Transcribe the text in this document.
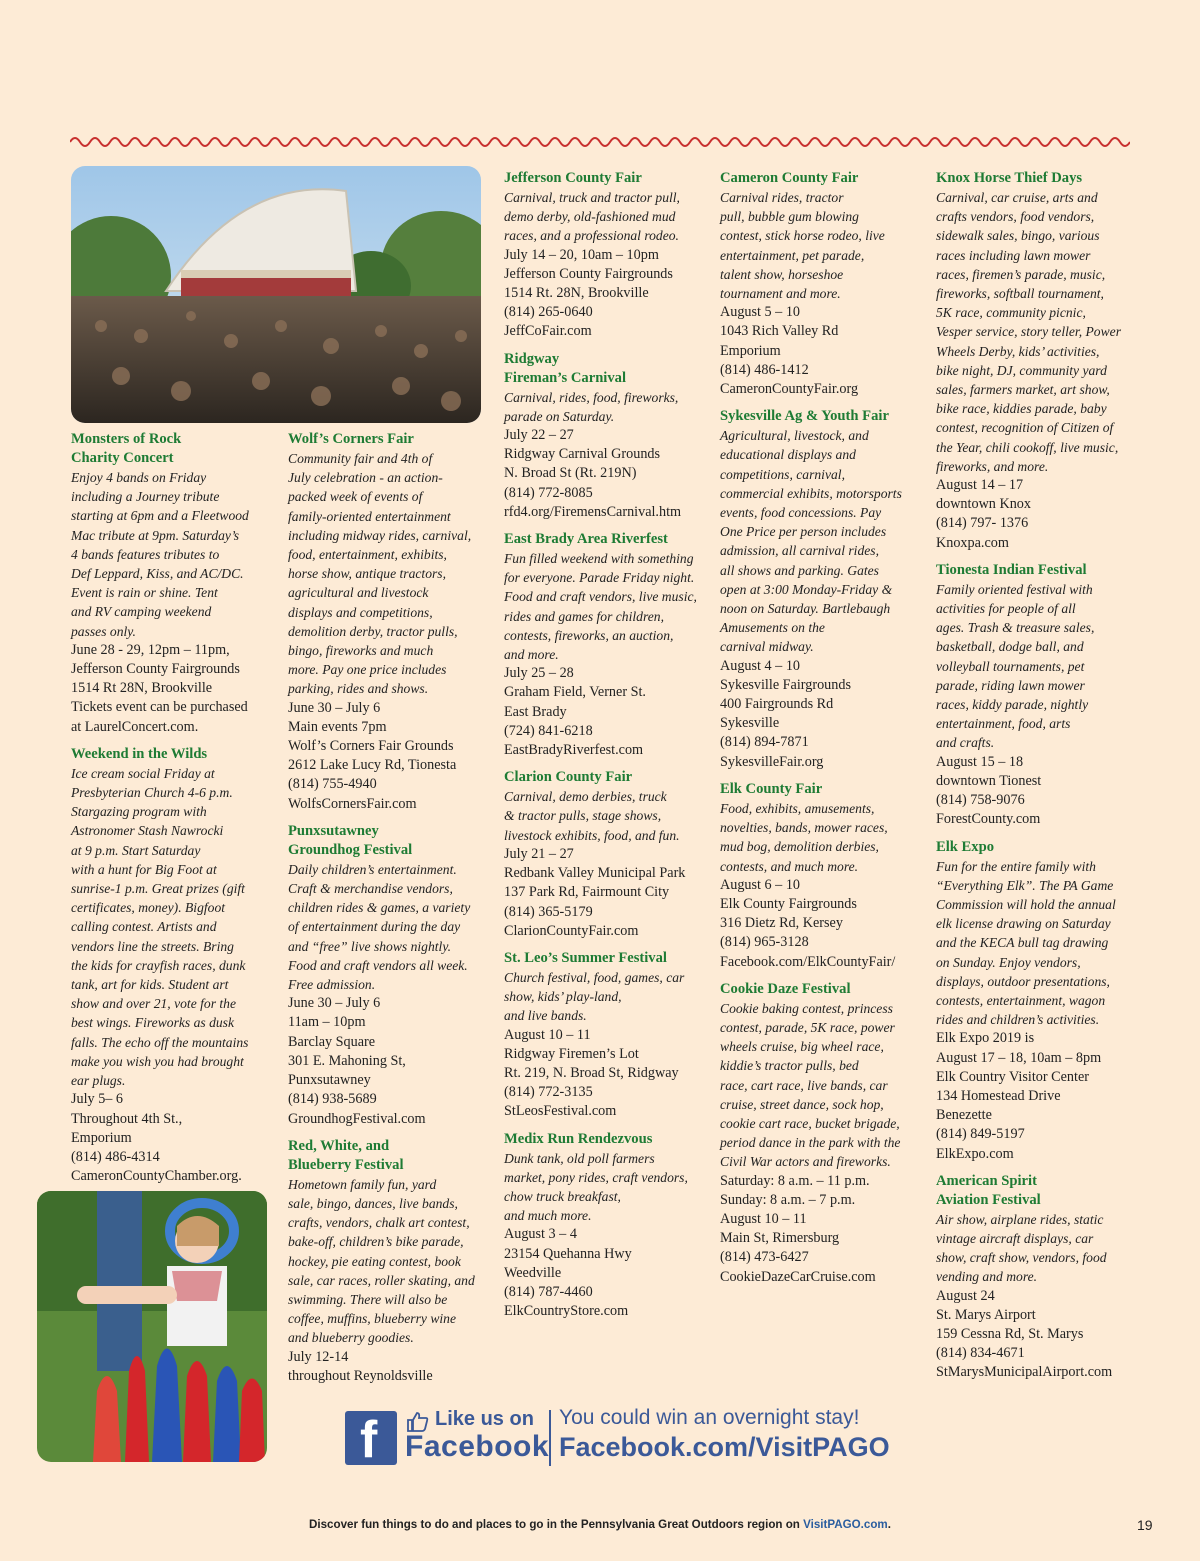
Monsters of Rock
Charity Concert
Enjoy 4 bands on Friday
including a Journey tribute
starting at 6pm and a Fleetwood
Mac tribute at 9pm. Saturday’s
4 bands features tributes to
Def Leppard, Kiss, and AC/DC.
Event is rain or shine. Tent
and RV camping weekend
passes only.
June 28 - 29, 12pm – 11pm,
Jefferson County Fairgrounds
1514 Rt 28N, Brookville
Tickets event can be purchased
at LaurelConcert.com.
Weekend in the Wilds
Ice cream social Friday at
Presbyterian Church 4-6 p.m.
Stargazing program with
Astronomer Stash Nawrocki
at 9 p.m. Start Saturday
with a hunt for Big Foot at
sunrise-1 p.m. Great prizes (gift
certificates, money). Bigfoot
calling contest. Artists and
vendors line the streets. Bring
the kids for crayfish races, dunk
tank, art for kids. Student art
show and over 21, vote for the
best wings. Fireworks as dusk
falls. The echo off the mountains
make you wish you had brought
ear plugs.
July 5– 6
Throughout 4th St.,
Emporium
(814) 486-4314
CameronCountyChamber.org.
Wolf’s Corners Fair
Community fair and 4th of
July celebration - an action-
packed week of events of
family-oriented entertainment
including midway rides, carnival,
food, entertainment, exhibits,
horse show, antique tractors,
agricultural and livestock
displays and competitions,
demolition derby, tractor pulls,
bingo, fireworks and much
more. Pay one price includes
parking, rides and shows.
June 30 – July 6
Main events 7pm
Wolf’s Corners Fair Grounds
2612 Lake Lucy Rd, Tionesta
(814) 755-4940
WolfsCornersFair.com
Punxsutawney
Groundhog Festival
Daily children’s entertainment.
Craft & merchandise vendors,
children rides & games, a variety
of entertainment during the day
and “free” live shows nightly.
Food and craft vendors all week.
Free admission.
June 30 – July 6
11am – 10pm
Barclay Square
301 E. Mahoning St,
Punxsutawney
(814) 938-5689
GroundhogFestival.com
Red, White, and
Blueberry Festival
Hometown family fun, yard
sale, bingo, dances, live bands,
crafts, vendors, chalk art contest,
bake-off, children’s bike parade,
hockey, pie eating contest, book
sale, car races, roller skating, and
swimming. There will also be
coffee, muffins, blueberry wine
and blueberry goodies.
July 12-14
throughout Reynoldsville
Jefferson County Fair
Carnival, truck and tractor pull,
demo derby, old-fashioned mud
races, and a professional rodeo.
July 14 – 20, 10am – 10pm
Jefferson County Fairgrounds
1514 Rt. 28N, Brookville
(814) 265-0640
JeffCoFair.com
Ridgway
Fireman’s Carnival
Carnival, rides, food, fireworks,
parade on Saturday.
July 22 – 27
Ridgway Carnival Grounds
N. Broad St (Rt. 219N)
(814) 772-8085
rfd4.org/FiremensCarnival.htm
East Brady Area Riverfest
Fun filled weekend with something
for everyone. Parade Friday night.
Food and craft vendors, live music,
rides and games for children,
contests, fireworks, an auction,
and more.
July 25 – 28
Graham Field, Verner St.
East Brady
(724) 841-6218
EastBradyRiverfest.com
Clarion County Fair
Carnival, demo derbies, truck
& tractor pulls, stage shows,
livestock exhibits, food, and fun.
July 21 – 27
Redbank Valley Municipal Park
137 Park Rd, Fairmount City
(814) 365-5179
ClarionCountyFair.com
St. Leo’s Summer Festival
Church festival, food, games, car
show, kids’ play-land,
and live bands.
August 10 – 11
Ridgway Firemen’s Lot
Rt. 219, N. Broad St, Ridgway
(814) 772-3135
StLeosFestival.com
Medix Run Rendezvous
Dunk tank, old poll farmers
market, pony rides, craft vendors,
chow truck breakfast,
and much more.
August 3 – 4
23154 Quehanna Hwy
Weedville
(814) 787-4460
ElkCountryStore.com
Cameron County Fair
Carnival rides, tractor
pull, bubble gum blowing
contest, stick horse rodeo, live
entertainment, pet parade,
talent show, horseshoe
tournament and more.
August 5 – 10
1043 Rich Valley Rd
Emporium
(814) 486-1412
CameronCountyFair.org
Sykesville Ag & Youth Fair
Agricultural, livestock, and
educational displays and
competitions, carnival,
commercial exhibits, motorsports
events, food concessions. Pay
One Price per person includes
admission, all carnival rides,
all shows and parking. Gates
open at 3:00 Monday-Friday &
noon on Saturday. Bartlebaugh
Amusements on the
carnival midway.
August 4 – 10
Sykesville Fairgrounds
400 Fairgrounds Rd
Sykesville
(814) 894-7871
SykesvilleFair.org
Elk County Fair
Food, exhibits, amusements,
novelties, bands, mower races,
mud bog, demolition derbies,
contests, and much more.
August 6 – 10
Elk County Fairgrounds
316 Dietz Rd, Kersey
(814) 965-3128
Facebook.com/ElkCountyFair/
Cookie Daze Festival
Cookie baking contest, princess
contest, parade, 5K race, power
wheels cruise, big wheel race,
kiddie’s tractor pulls, bed
race, cart race, live bands, car
cruise, street dance, sock hop,
cookie cart race, bucket brigade,
period dance in the park with the
Civil War actors and fireworks.
Saturday: 8 a.m. – 11 p.m.
Sunday: 8 a.m. – 7 p.m.
August 10 – 11
Main St, Rimersburg
(814) 473-6427
CookieDazeCarCruise.com
Knox Horse Thief Days
Carnival, car cruise, arts and
crafts vendors, food vendors,
sidewalk sales, bingo, various
races including lawn mower
races, firemen’s parade, music,
fireworks, softball tournament,
5K race, community picnic,
Vesper service, story teller, Power
Wheels Derby, kids’ activities,
bike night, DJ, community yard
sales, farmers market, art show,
bike race, kiddies parade, baby
contest, recognition of Citizen of
the Year, chili cookoff, live music,
fireworks, and more.
August 14 – 17
downtown Knox
(814) 797- 1376
Knoxpa.com
Tionesta Indian Festival
Family oriented festival with
activities for people of all
ages. Trash & treasure sales,
basketball, dodge ball, and
volleyball tournaments, pet
parade, riding lawn mower
races, kiddy parade, nightly
entertainment, food, arts
and crafts.
August 15 – 18
downtown Tionest
(814) 758-9076
ForestCounty.com
Elk Expo
Fun for the entire family with
“Everything Elk”. The PA Game
Commission will hold the annual
elk license drawing on Saturday
and the KECA bull tag drawing
on Sunday. Enjoy vendors,
displays, outdoor presentations,
contests, entertainment, wagon
rides and children’s activities.
Elk Expo 2019 is
August 17 – 18, 10am – 8pm
Elk Country Visitor Center
134 Homestead Drive
Benezette
(814) 849-5197
ElkExpo.com
American Spirit
Aviation Festival
Air show, airplane rides, static
vintage aircraft displays, car
show, craft show, vendors, food
vending and more.
August 24
St. Marys Airport
159 Cessna Rd, St. Marys
(814) 834-4671
StMarysMunicipalAirport.com
f	Like us on
Facebook
You could win an overnight stay!
Facebook.com/VisitPAGO
Discover fun things to do and places to go in the Pennsylvania Great Outdoors region on VisitPAGO.com.	19
